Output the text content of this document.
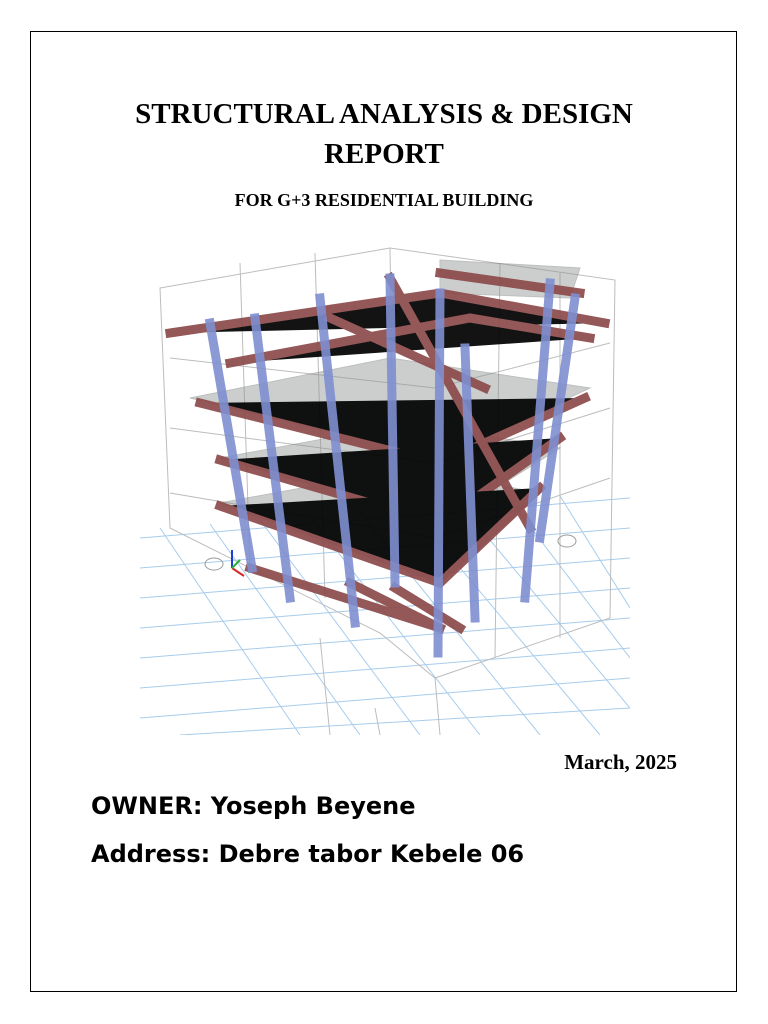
STRUCTURAL ANALYSIS & DESIGN
REPORT

FOR G+3 RESIDENTIAL BUILDING

March, 2025
OWNER: Yoseph Beyene
Address: Debre tabor Kebele 06
